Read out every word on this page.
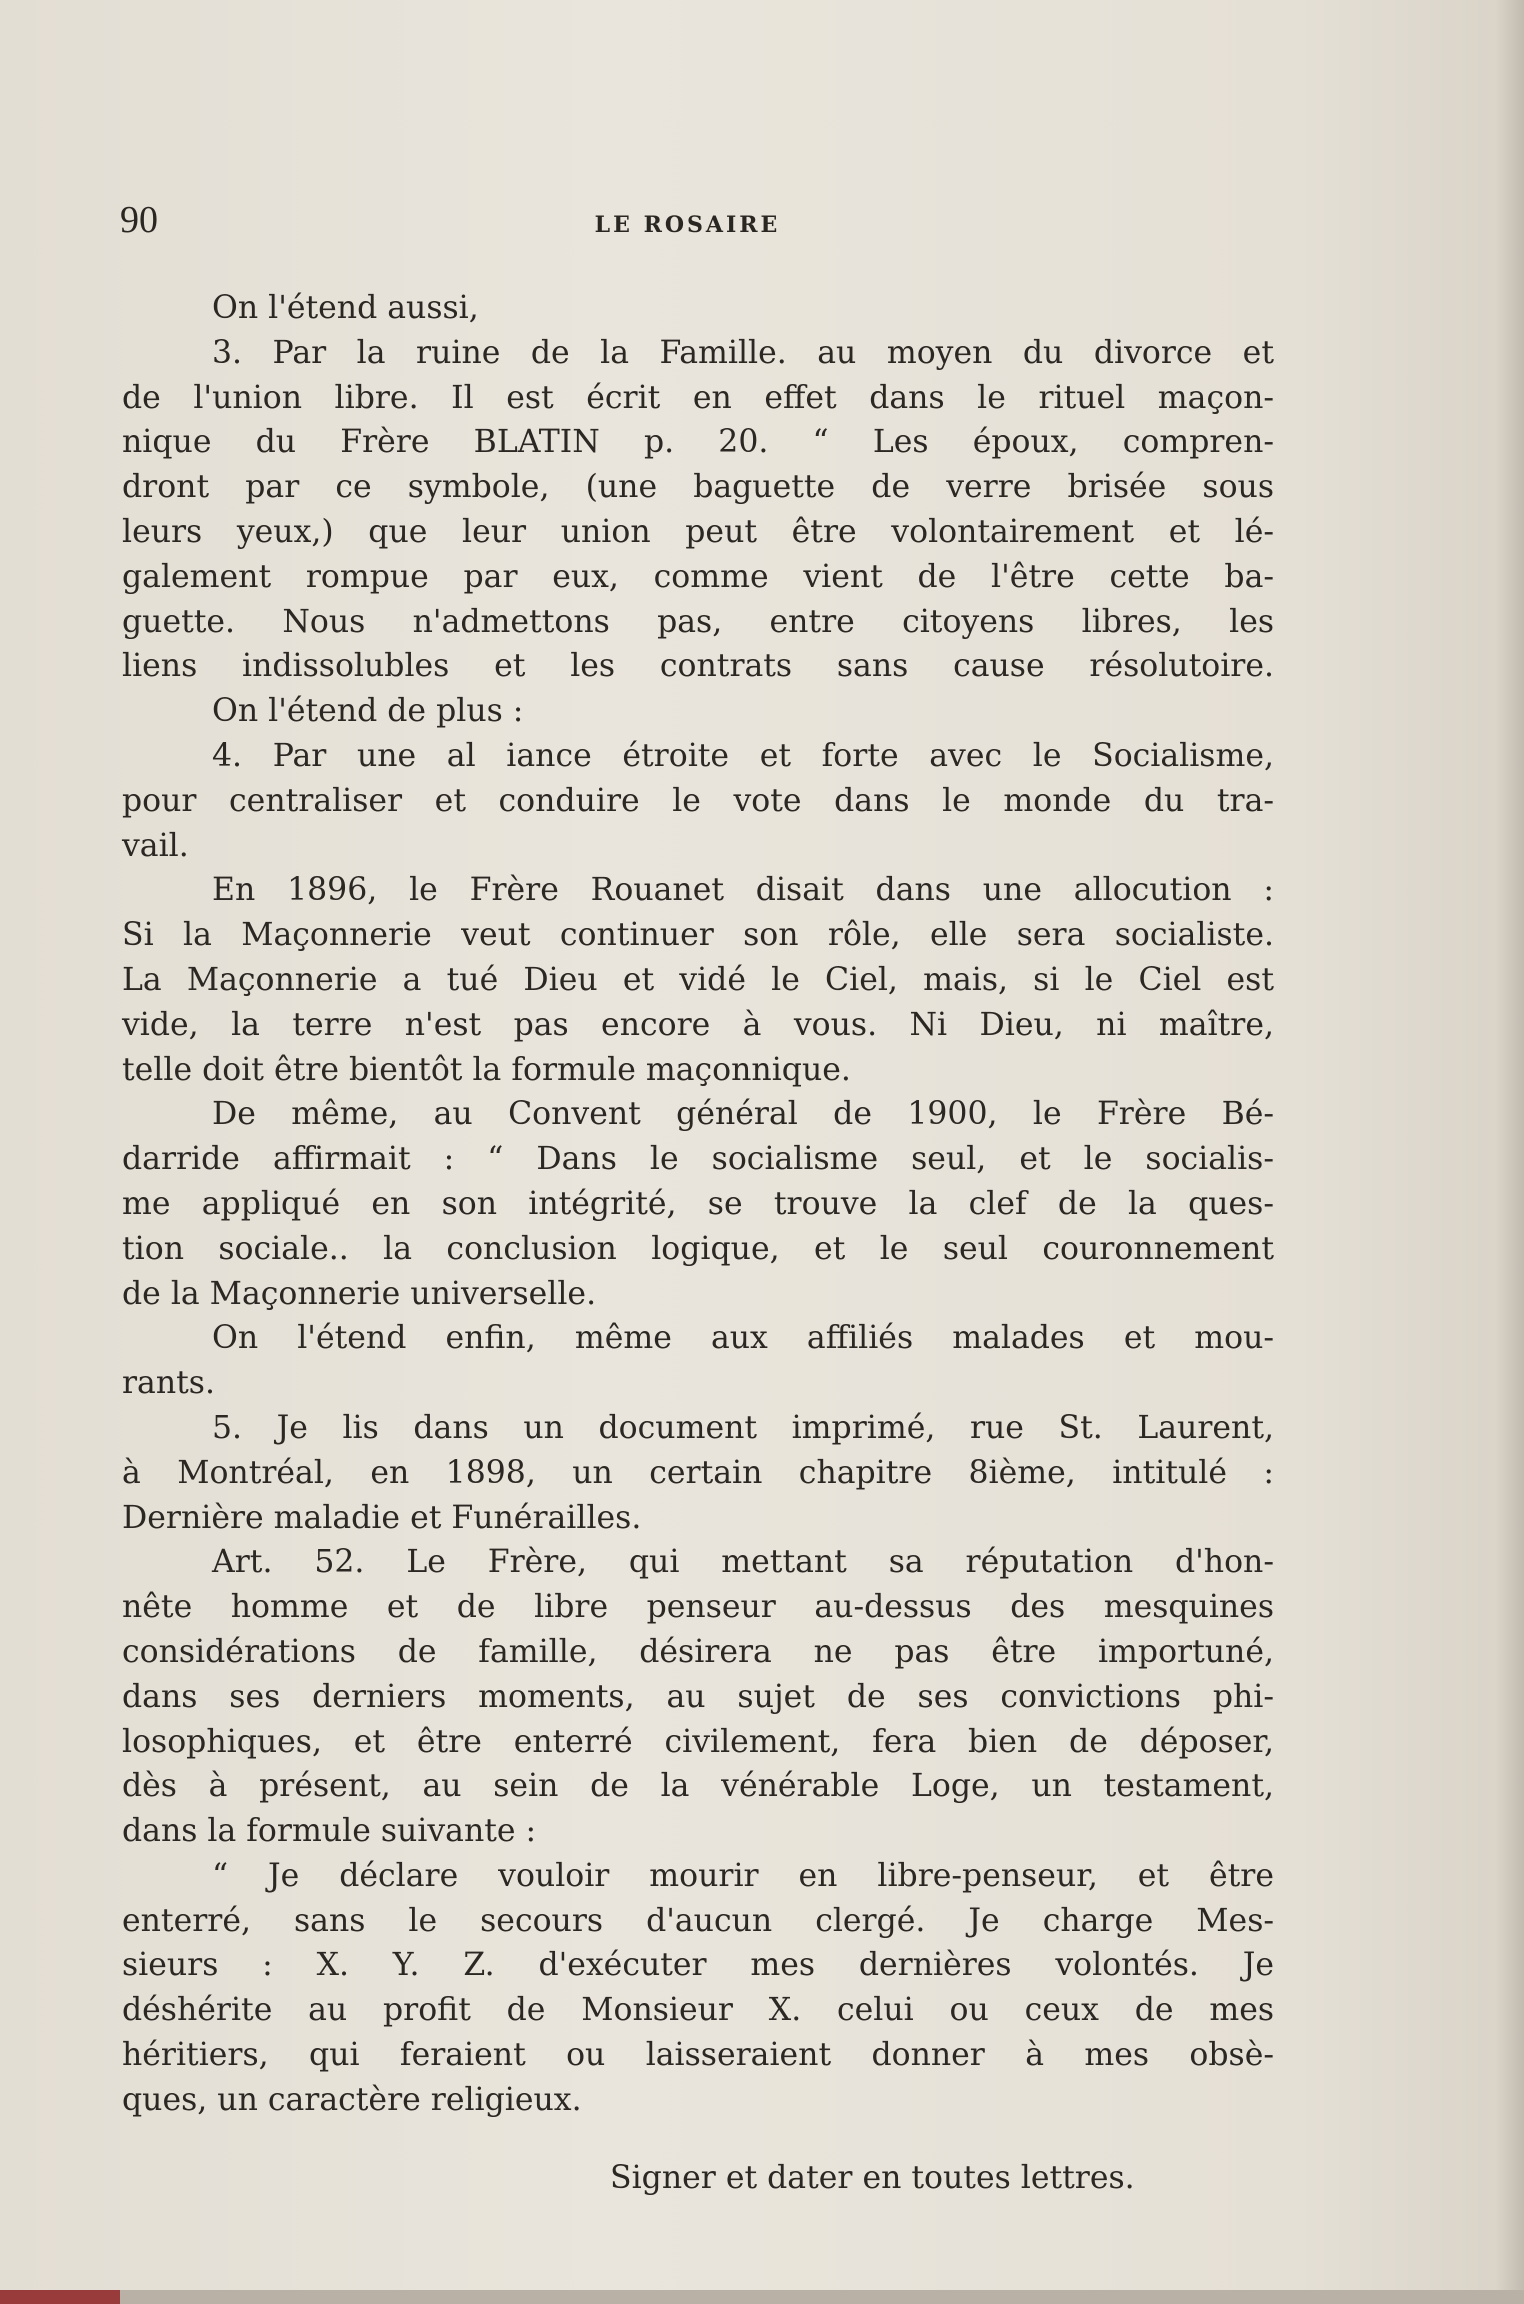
90	LE ROSAIRE
On l'étend aussi,
3. Par la ruine de la Famille. au moyen du divorce et
de l'union libre. Il est écrit en effet dans le rituel maçon-
nique du Frère BLATIN p. 20. “ Les époux, compren-
dront par ce symbole, (une baguette de verre brisée sous
leurs yeux,) que leur union peut être volontairement et lé-
galement rompue par eux, comme vient de l'être cette ba-
guette. Nous n'admettons pas, entre citoyens libres, les
liens indissolubles et les contrats sans cause résolutoire.
On l'étend de plus :
4. Par une al iance étroite et forte avec le Socialisme,
pour centraliser et conduire le vote dans le monde du tra-
vail.
En 1896, le Frère Rouanet disait dans une allocution :
Si la Maçonnerie veut continuer son rôle, elle sera socialiste.
La Maçonnerie a tué Dieu et vidé le Ciel, mais, si le Ciel est
vide, la terre n'est pas encore à vous. Ni Dieu, ni maître,
telle doit être bientôt la formule maçonnique.
De même, au Convent général de 1900, le Frère Bé-
darride affirmait : “ Dans le socialisme seul, et le socialis-
me appliqué en son intégrité, se trouve la clef de la ques-
tion sociale.. la conclusion logique, et le seul couronnement
de la Maçonnerie universelle.
On l'étend enfin, même aux affiliés malades et mou-
rants.
5. Je lis dans un document imprimé, rue St. Laurent,
à Montréal, en 1898, un certain chapitre 8ième, intitulé :
Dernière maladie et Funérailles.
Art. 52. Le Frère, qui mettant sa réputation d'hon-
nête homme et de libre penseur au-dessus des mesquines
considérations de famille, désirera ne pas être importuné,
dans ses derniers moments, au sujet de ses convictions phi-
losophiques, et être enterré civilement, fera bien de déposer,
dès à présent, au sein de la vénérable Loge, un testament,
dans la formule suivante :
“ Je déclare vouloir mourir en libre-penseur, et être
enterré, sans le secours d'aucun clergé. Je charge Mes-
sieurs : X. Y. Z. d'exécuter mes dernières volontés. Je
déshérite au profit de Monsieur X. celui ou ceux de mes
héritiers, qui feraient ou laisseraient donner à mes obsè-
ques, un caractère religieux.
Signer et dater en toutes lettres.
